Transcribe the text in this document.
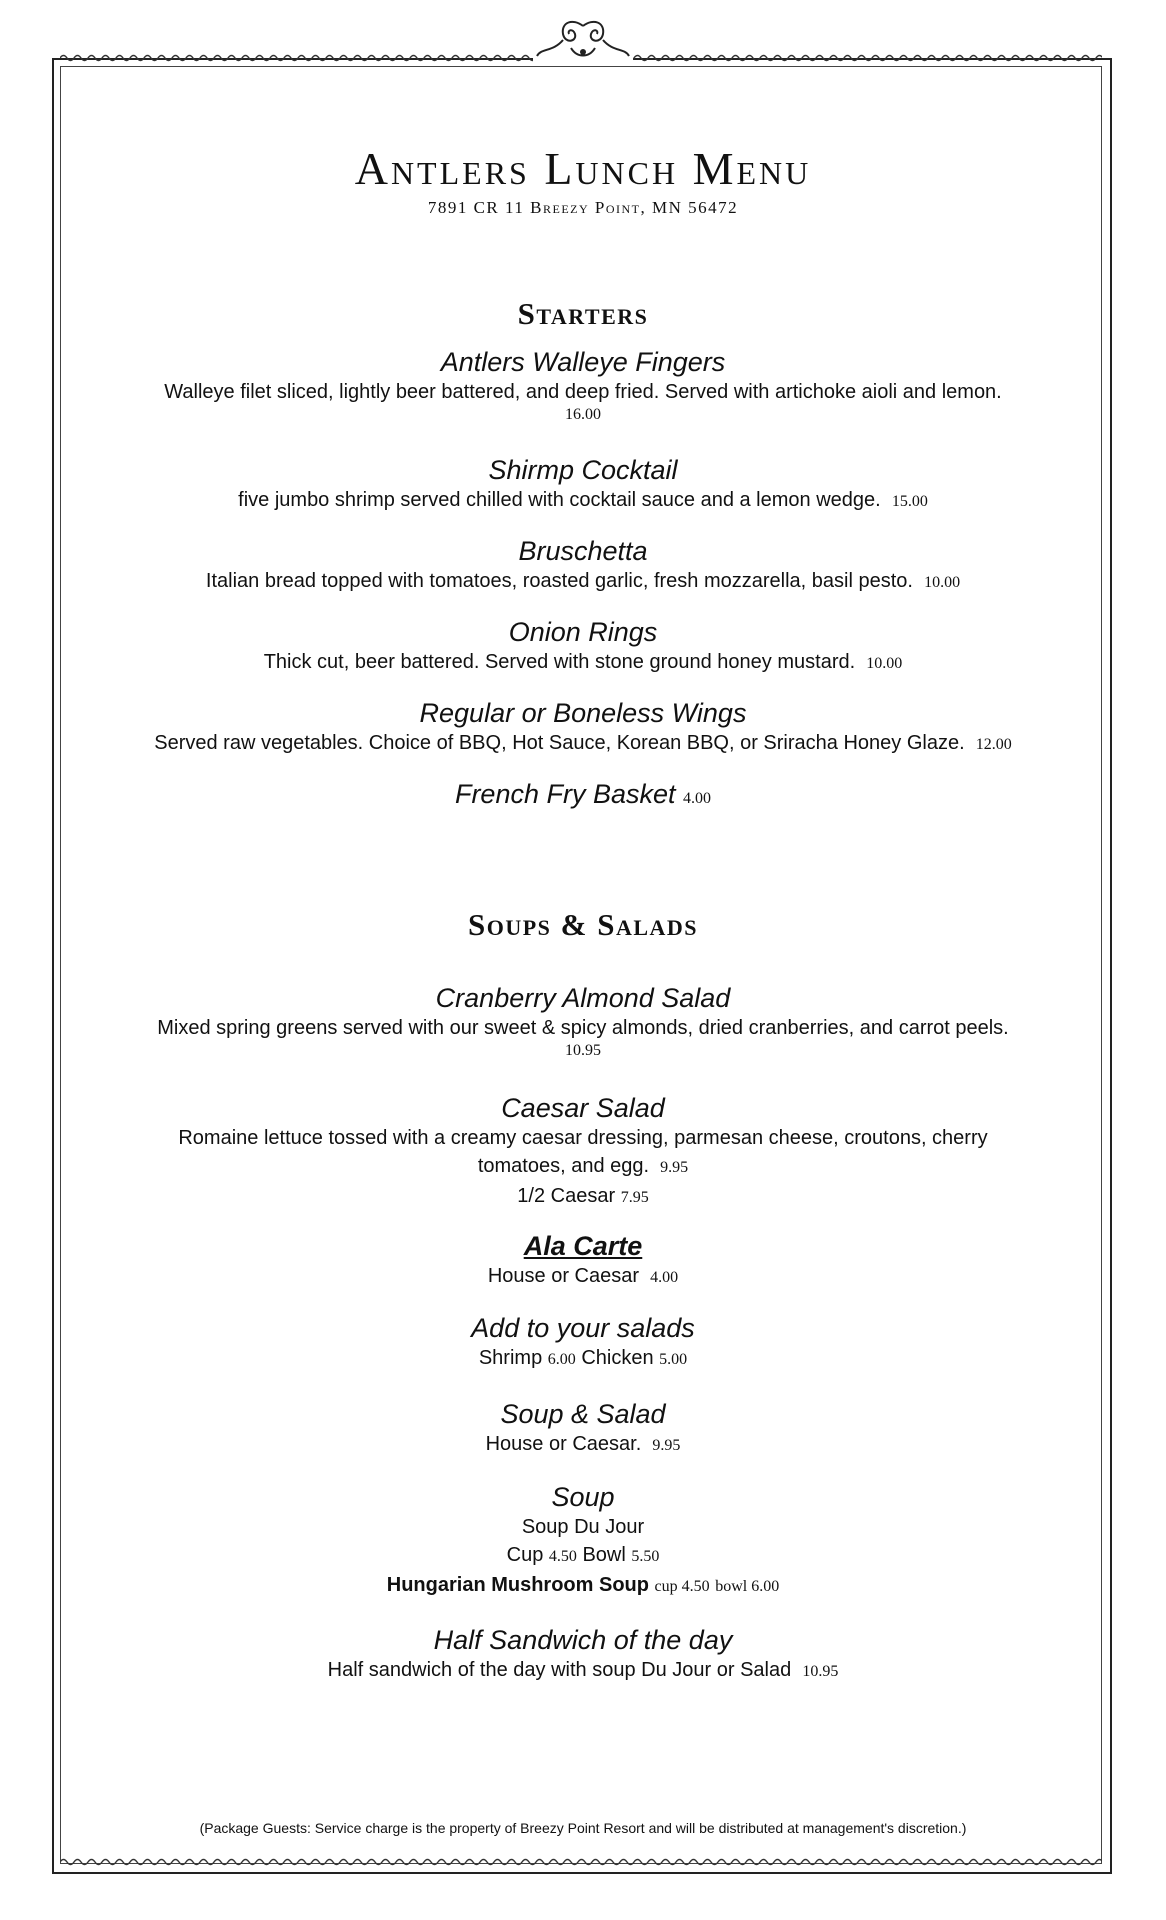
Antlers Lunch Menu
7891 CR 11 Breezy Point, MN 56472
Starters
Antlers Walleye Fingers
Walleye filet sliced, lightly beer battered, and deep fried. Served with artichoke aioli and lemon.
16.00
Shirmp Cocktail
five jumbo shrimp served chilled with cocktail sauce and a lemon wedge. 15.00
Bruschetta
Italian bread topped with tomatoes, roasted garlic, fresh mozzarella, basil pesto. 10.00
Onion Rings
Thick cut, beer battered. Served with stone ground honey mustard. 10.00
Regular or Boneless Wings
Served raw vegetables. Choice of BBQ, Hot Sauce, Korean BBQ, or Sriracha Honey Glaze. 12.00
French Fry Basket 4.00
Soups & Salads
Cranberry Almond Salad
Mixed spring greens served with our sweet & spicy almonds, dried cranberries, and carrot peels.
10.95
Caesar Salad
Romaine lettuce tossed with a creamy caesar dressing, parmesan cheese, croutons, cherry
tomatoes, and egg. 9.95
1/2 Caesar 7.95
Ala Carte
House or Caesar 4.00
Add to your salads
Shrimp 6.00 Chicken 5.00
Soup & Salad
House or Caesar. 9.95
Soup
Soup Du Jour
Cup 4.50 Bowl 5.50
Hungarian Mushroom Soup cup 4.50 bowl 6.00
Half Sandwich of the day
Half sandwich of the day with soup Du Jour or Salad 10.95
(Package Guests: Service charge is the property of Breezy Point Resort and will be distributed at management's discretion.)
